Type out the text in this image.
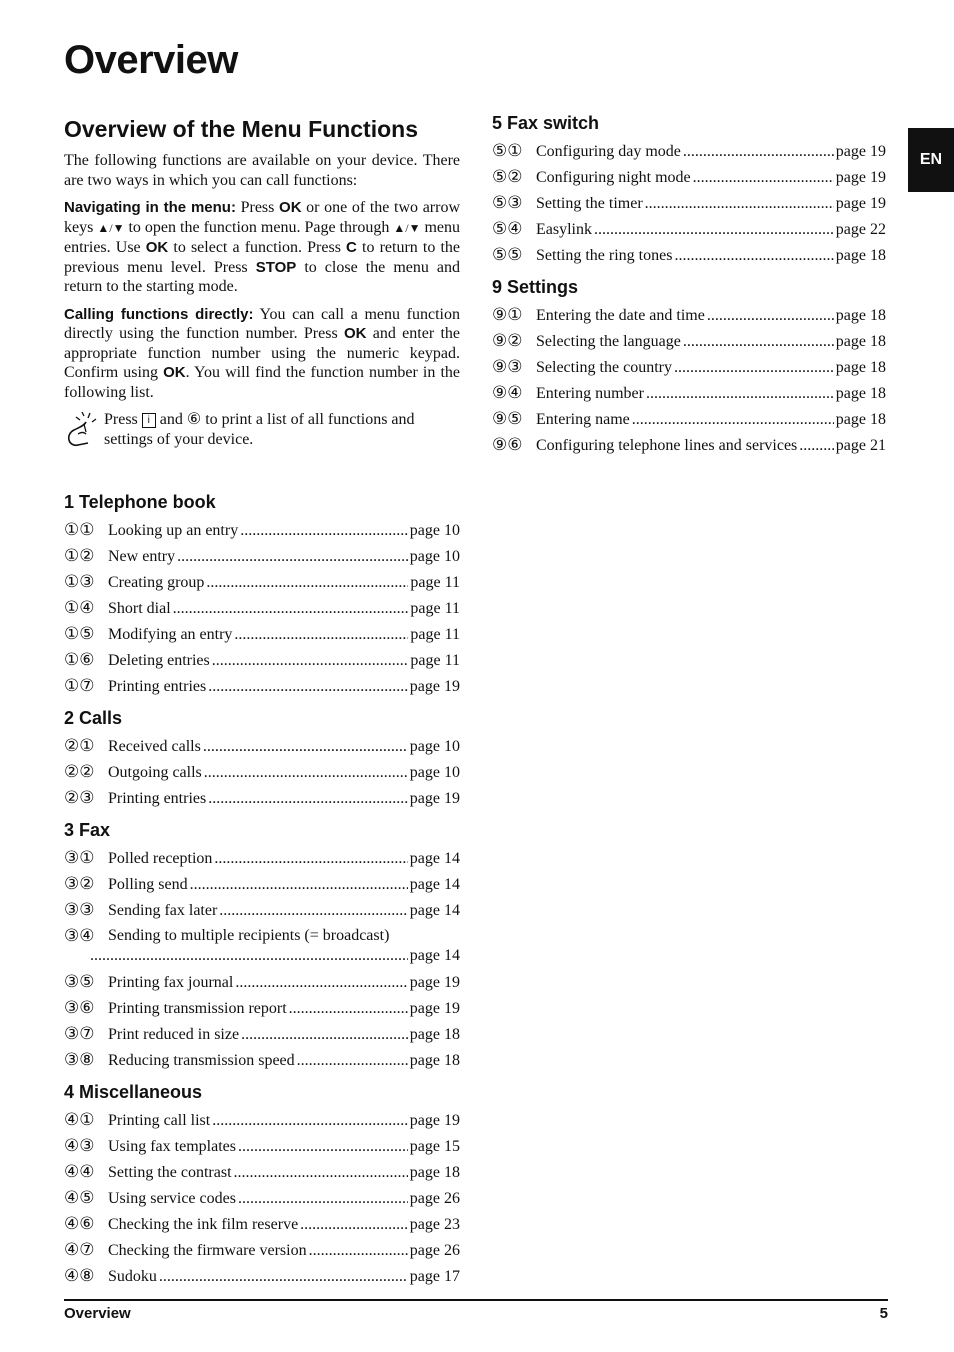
Overview
EN
Overview of the Menu Functions

The following functions are available on your device. There are two ways in which you can call functions:

Navigating in the menu: Press OK or one of the two arrow keys ▲/▼ to open the function menu. Page through ▲/▼ menu entries. Use OK to select a function. Press C to return to the previous menu level. Press STOP to close the menu and return to the starting mode.

Calling functions directly: You can call a menu function directly using the function number. Press OK and enter the appropriate function number using the numeric keypad. Confirm using OK. You will find the function number in the following list.

Press i and ⑥ to print a list of all functions and settings of your device.

1 Telephone book
①① Looking up an entry .....	page 10
①② New entry .....	page 10
①③ Creating group .....	page 11
①④ Short dial .....	page 11
①⑤ Modifying an entry .....	page 11
①⑥ Deleting entries .....	page 11
①⑦ Printing entries .....	page 19
2 Calls
②① Received calls .....	page 10
②② Outgoing calls .....	page 10
②③ Printing entries .....	page 19
3 Fax
③① Polled reception .....	page 14
③② Polling send .....	page 14
③③ Sending fax later .....	page 14
③④ Sending to multiple recipients (= broadcast)
.....
page 14
③⑤ Printing fax journal .....	page 19
③⑥ Printing transmission report .....	page 19
③⑦ Print reduced in size .....	page 18
③⑧ Reducing transmission speed .....	page 18
4 Miscellaneous
④① Printing call list .....	page 19
④③ Using fax templates .....	page 15
④④ Setting the contrast .....	page 18
④⑤ Using service codes .....	page 26
④⑥ Checking the ink film reserve .....	page 23
④⑦ Checking the firmware version .....	page 26
④⑧ Sudoku .....	page 17
5 Fax switch
⑤① Configuring day mode .....	page 19
⑤② Configuring night mode .....	page 19
⑤③ Setting the timer .....	page 19
⑤④ Easylink .....	page 22
⑤⑤ Setting the ring tones .....	page 18
9 Settings
⑨① Entering the date and time .....	page 18
⑨② Selecting the language .....	page 18
⑨③ Selecting the country .....	page 18
⑨④ Entering number .....	page 18
⑨⑤ Entering name .....	page 18
⑨⑥ Configuring telephone lines and services ..... page 21
Overview	5
